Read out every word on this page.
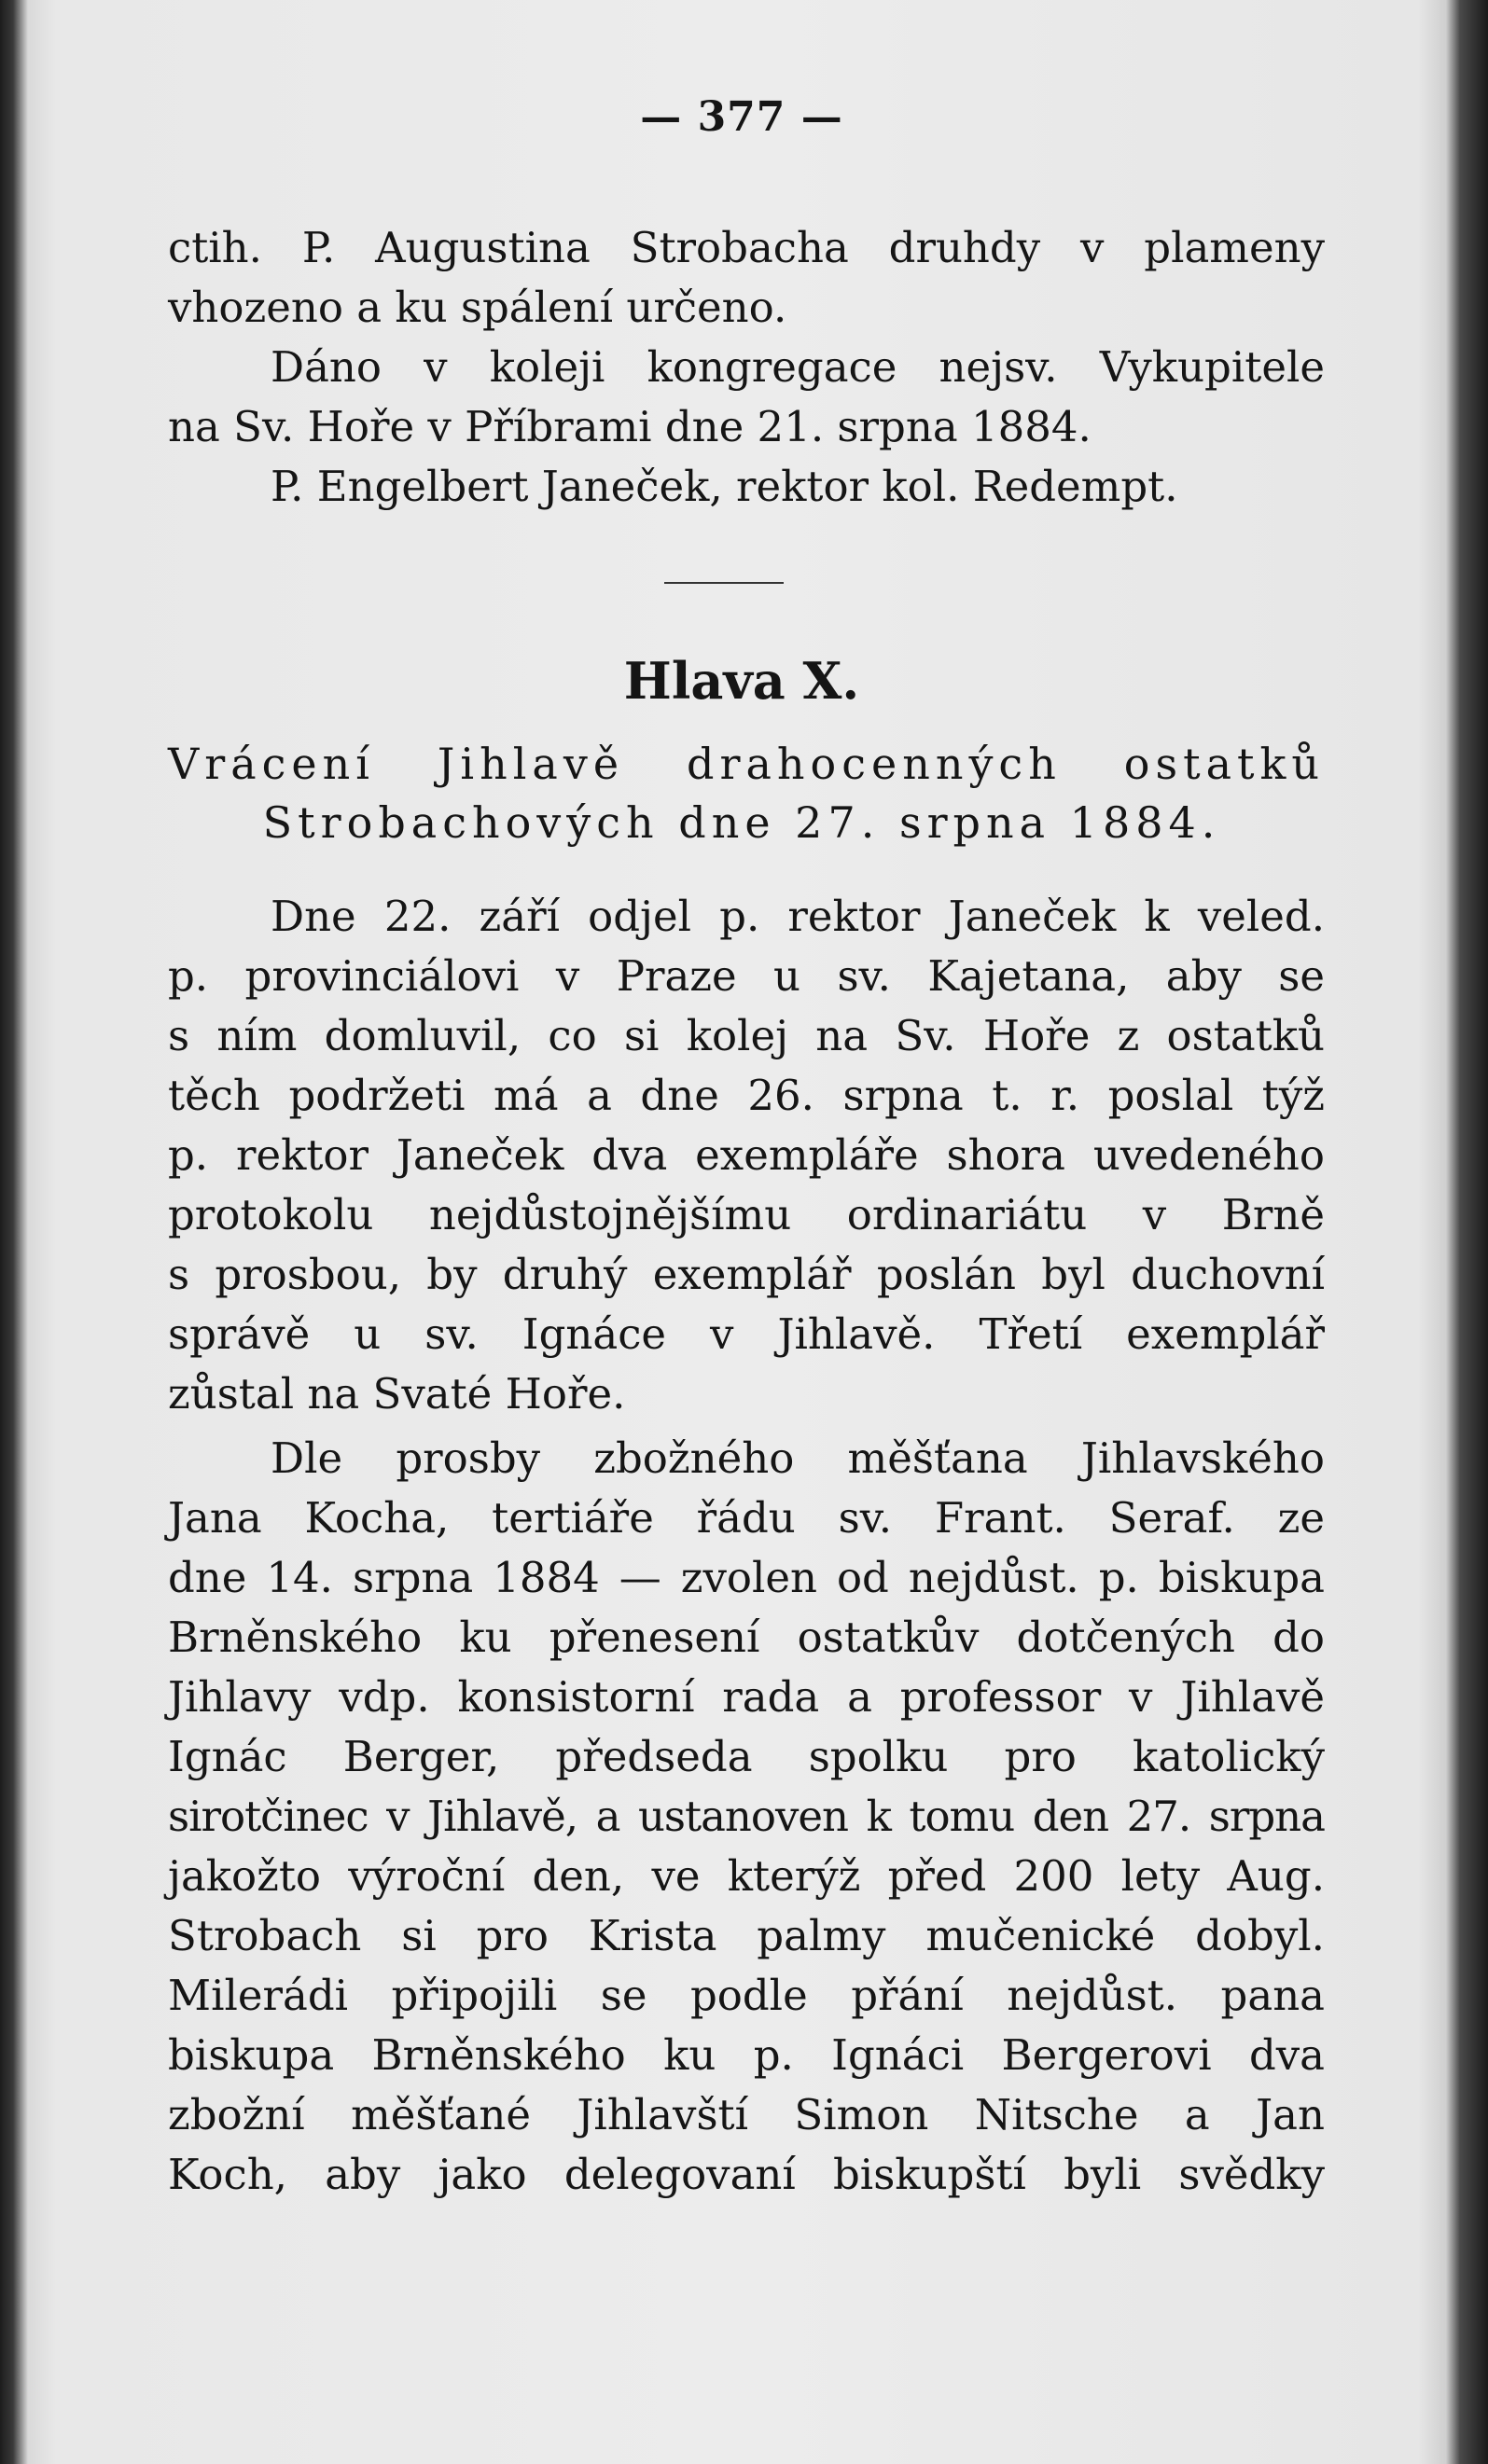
— 377 —
ctih. P. Augustina Strobacha druhdy v plameny
vhozeno a ku spálení určeno.
Dáno v koleji kongregace nejsv. Vykupitele
na Sv. Hoře v Příbrami dne 21. srpna 1884.
P. Engelbert Janeček, rektor kol. Redempt.
Hlava X.
Vrácení Jihlavě drahocenných ostatků
Strobachových dne 27. srpna 1884.
Dne 22. září odjel p. rektor Janeček k veled.
p. provinciálovi v Praze u sv. Kajetana, aby se
s ním domluvil, co si kolej na Sv. Hoře z ostatků
těch podržeti má a dne 26. srpna t. r. poslal týž
p. rektor Janeček dva exempláře shora uvedeného
protokolu nejdůstojnějšímu ordinariátu v Brně
s prosbou, by druhý exemplář poslán byl duchovní
správě u sv. Ignáce v Jihlavě. Třetí exemplář
zůstal na Svaté Hoře.
Dle prosby zbožného měšťana Jihlavského
Jana Kocha, tertiáře řádu sv. Frant. Seraf. ze
dne 14. srpna 1884 — zvolen od nejdůst. p. biskupa
Brněnského ku přenesení ostatkův dotčených do
Jihlavy vdp. konsistorní rada a professor v Jihlavě
Ignác Berger, předseda spolku pro katolický
sirotčinec v Jihlavě, a ustanoven k tomu den 27. srpna
jakožto výroční den, ve kterýž před 200 lety Aug.
Strobach si pro Krista palmy mučenické dobyl.
Milerádi připojili se podle přání nejdůst. pana
biskupa Brněnského ku p. Ignáci Bergerovi dva
zbožní měšťané Jihlavští Simon Nitsche a Jan
Koch, aby jako delegovaní biskupští byli svědky
